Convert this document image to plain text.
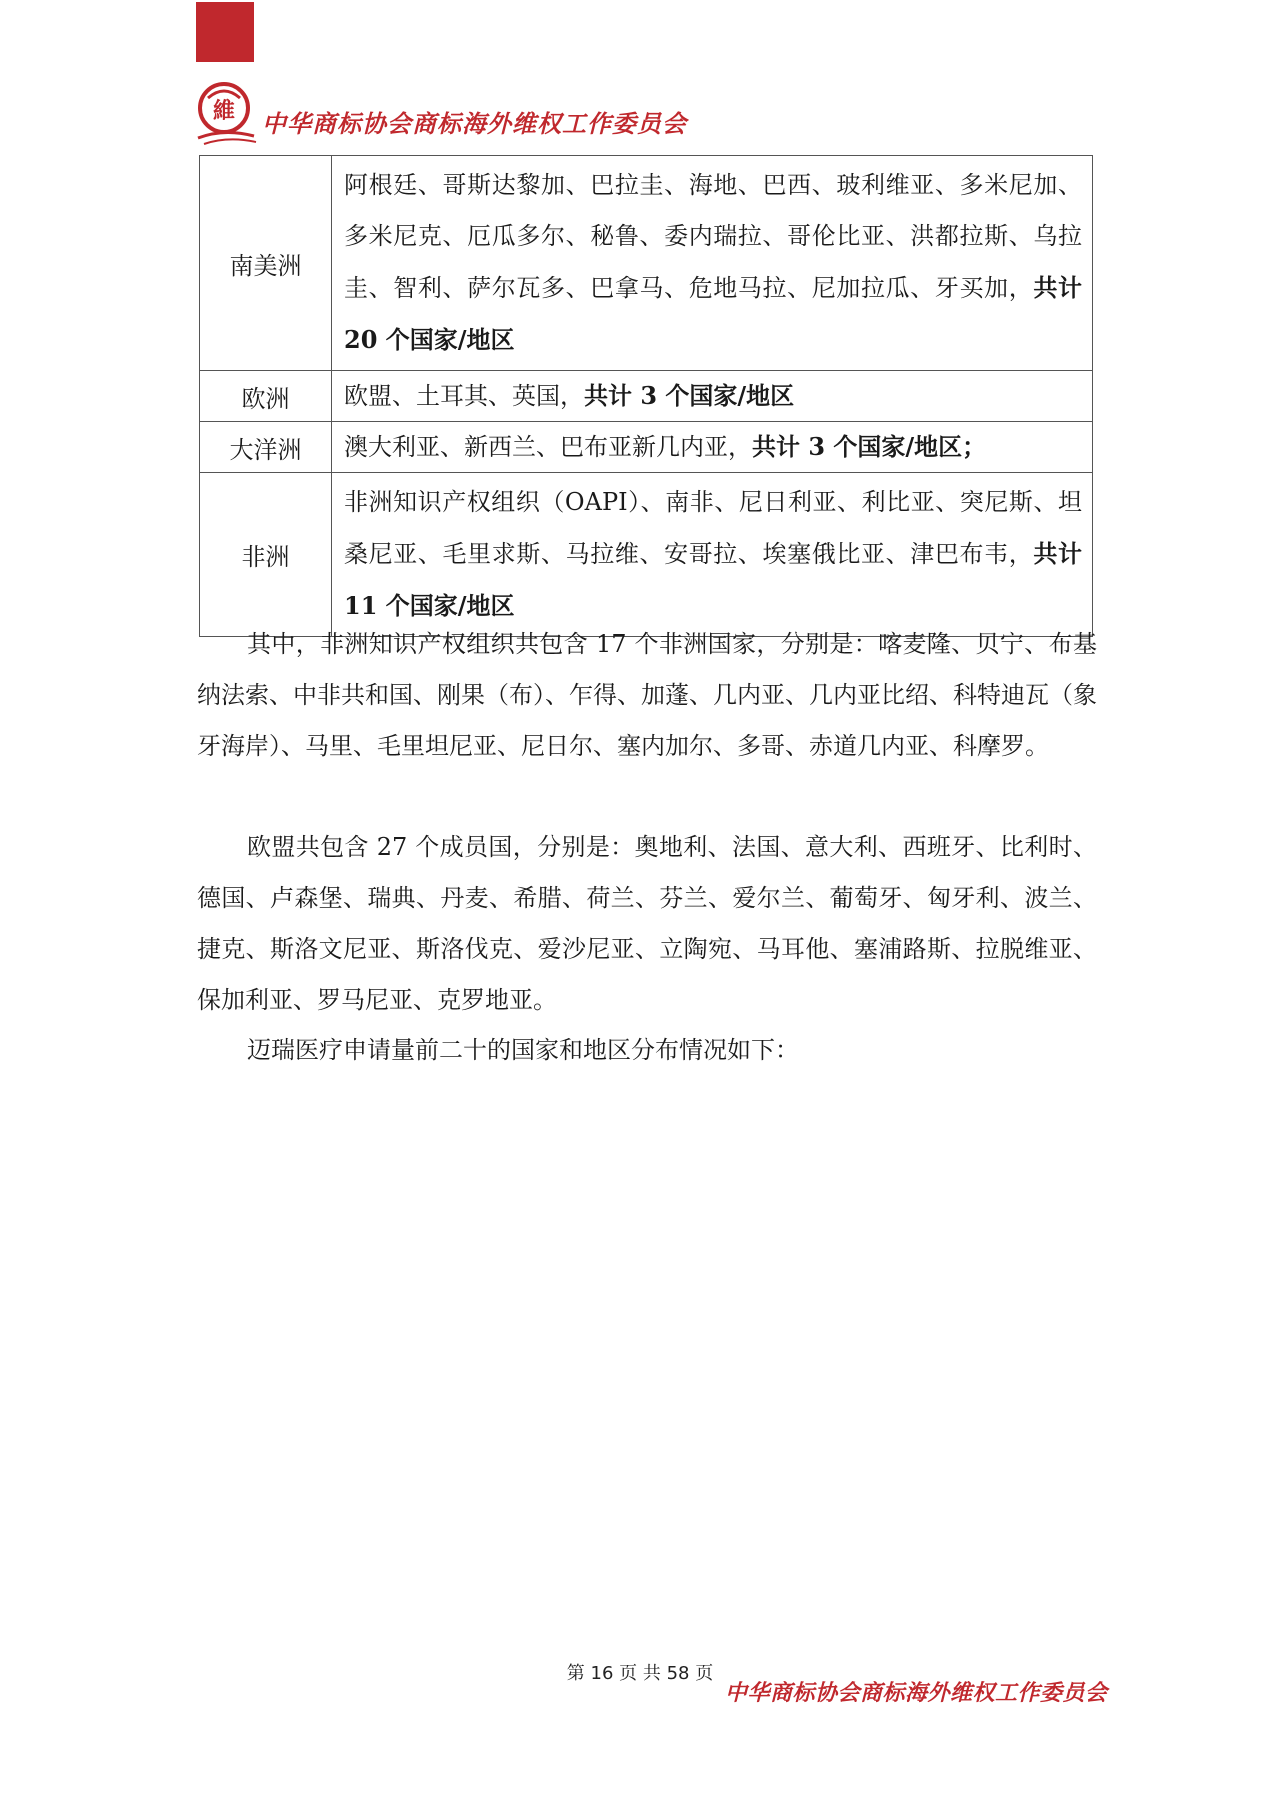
維 中华商标协会商标海外维权工作委员会
南美洲	阿根廷、哥斯达黎加、巴拉圭、海地、巴西、玻利维亚、多米尼加、多米尼克、厄瓜多尔、秘鲁、委内瑞拉、哥伦比亚、洪都拉斯、乌拉圭、智利、萨尔瓦多、巴拿马、危地马拉、尼加拉瓜、牙买加，共计 20 个国家/地区
欧洲	欧盟、土耳其、英国，共计 3 个国家/地区
大洋洲	澳大利亚、新西兰、巴布亚新几内亚，共计 3 个国家/地区；
非洲	非洲知识产权组织（OAPI）、南非、尼日利亚、利比亚、突尼斯、坦桑尼亚、毛里求斯、马拉维、安哥拉、埃塞俄比亚、津巴布韦，共计 11 个国家/地区

其中，非洲知识产权组织共包含 17 个非洲国家，分别是：喀麦隆、贝宁、布基纳法索、中非共和国、刚果（布）、乍得、加蓬、几内亚、几内亚比绍、科特迪瓦（象牙海岸）、马里、毛里坦尼亚、尼日尔、塞内加尔、多哥、赤道几内亚、科摩罗。

欧盟共包含 27 个成员国，分别是：奥地利、法国、意大利、西班牙、比利时、德国、卢森堡、瑞典、丹麦、希腊、荷兰、芬兰、爱尔兰、葡萄牙、匈牙利、波兰、捷克、斯洛文尼亚、斯洛伐克、爱沙尼亚、立陶宛、马耳他、塞浦路斯、拉脱维亚、保加利亚、罗马尼亚、克罗地亚。

迈瑞医疗申请量前二十的国家和地区分布情况如下：

第 16 页 共 58 页
中华商标协会商标海外维权工作委员会
